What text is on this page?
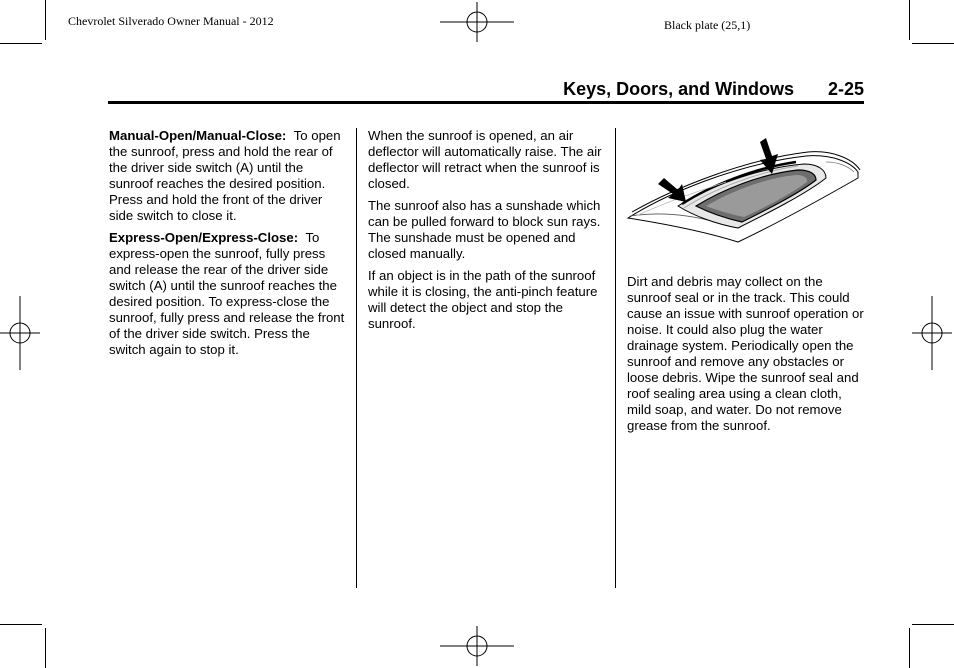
Chevrolet Silverado Owner Manual - 2012	Black plate (25,1)
Keys, Doors, and Windows 2-25

Manual-Open/Manual-Close: To open the sunroof, press and hold the rear of the driver side switch (A) until the sunroof reaches the desired position. Press and hold the front of the driver side switch to close it.

Express-Open/Express-Close: To express-open the sunroof, fully press and release the rear of the driver side switch (A) until the sunroof reaches the desired position. To express-close the sunroof, fully press and release the front of the driver side switch. Press the switch again to stop it.

When the sunroof is opened, an air deflector will automatically raise. The air deflector will retract when the sunroof is closed.

The sunroof also has a sunshade which can be pulled forward to block sun rays. The sunshade must be opened and closed manually.

If an object is in the path of the sunroof while it is closing, the anti-pinch feature will detect the object and stop the sunroof.

Dirt and debris may collect on the sunroof seal or in the track. This could cause an issue with sunroof operation or noise. It could also plug the water drainage system. Periodically open the sunroof and remove any obstacles or loose debris. Wipe the sunroof seal and roof sealing area using a clean cloth, mild soap, and water. Do not remove grease from the sunroof.
